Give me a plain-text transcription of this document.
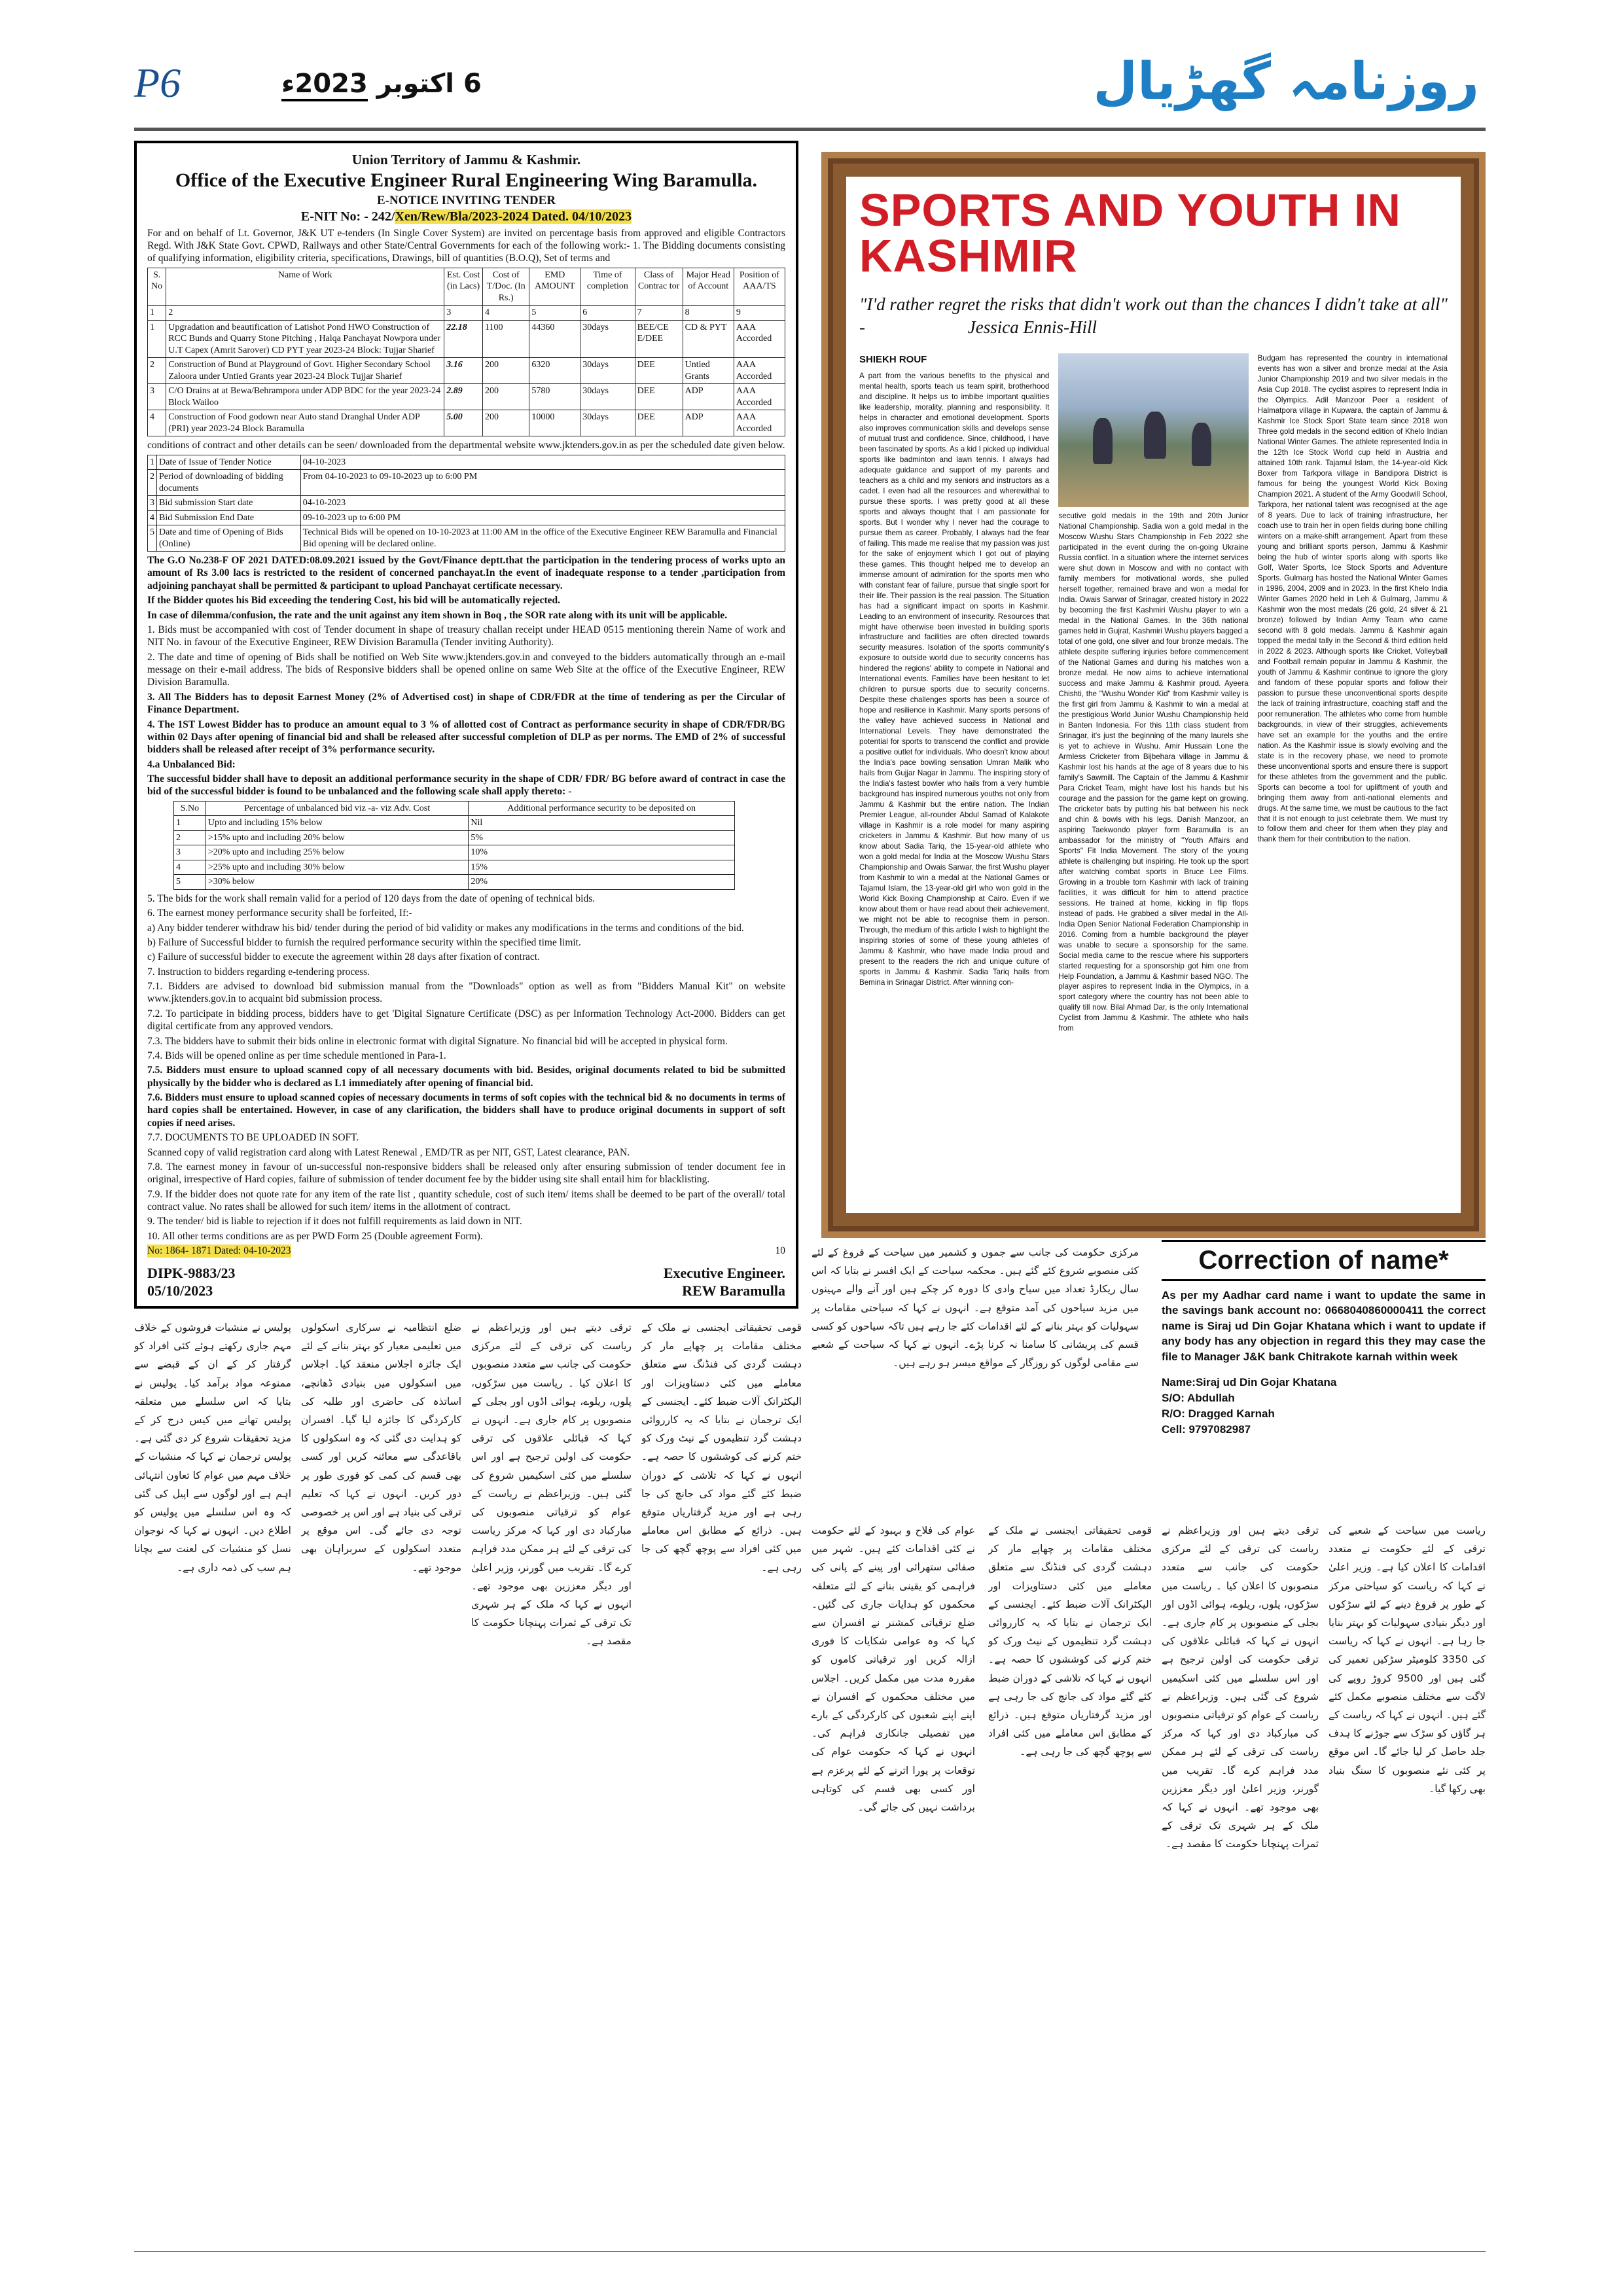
P6	6 اکتوبر 2023ء	روزنامہ گھڑیال
Union Territory of Jammu & Kashmir.
Office of the Executive Engineer Rural Engineering Wing Baramulla.
E-NOTICE INVITING TENDER
E-NIT No: - 242/Xen/Rew/Bla/2023-2024 Dated. 04/10/2023
For and on behalf of Lt. Governor, J&K UT e-tenders (In Single Cover System) are invited on percentage basis from approved and eligible Contractors Regd. With J&K State Govt. CPWD, Railways and other State/Central Governments for each of the following work:- 1. The Bidding documents consisting of qualifying information, eligibility criteria, specifications, Drawings, bill of quantities (B.O.Q), Set of terms and
S. No	Name of Work	Est. Cost (in Lacs)	Cost of T/Doc. (In Rs.)	EMD AMOUNT	Time of completion	Class of Contrac tor	Major Head of Account	Position of AAA/TS
1	2	3	4	5	6	7	8	9
1	Upgradation and beautification of Latishot Pond HWO Construction of RCC Bunds and Quarry Stone Pitching , Halqa Panchayat Nowpora under U.T Capex (Amrit Sarover) CD PYT year 2023-24 Block: Tujjar Sharief	22.18	1100	44360	30days	BEE/CE E/DEE	CD & PYT	AAA Accorded
2	Construction of Bund at Playground of Govt. Higher Secondary School Zaloora under Untied Grants year 2023-24 Block Tujjar Sharief	3.16	200	6320	30days	DEE	Untied Grants	AAA Accorded
3	C/O Drains at at Bewa/Behrampora under ADP BDC for the year 2023-24 Block Wailoo	2.89	200	5780	30days	DEE	ADP	AAA Accorded
4	Construction of Food godown near Auto stand Dranghal Under ADP (PRI) year 2023-24 Block Baramulla	5.00	200	10000	30days	DEE	ADP	AAA Accorded
conditions of contract and other details can be seen/ downloaded from the departmental website www.jktenders.gov.in as per the scheduled date given below.
1	Date of Issue of Tender Notice	04-10-2023
2	Period of downloading of bidding documents	From 04-10-2023 to 09-10-2023 up to 6:00 PM
3	Bid submission Start date	04-10-2023
4	Bid Submission End Date	09-10-2023 up to 6:00 PM
5	Date and time of Opening of Bids (Online)	Technical Bids will be opened on 10-10-2023 at 11:00 AM in the office of the Executive Engineer REW Baramulla and Financial Bid opening will be declared online.
The G.O No.238-F OF 2021 DATED:08.09.2021 issued by the Govt/Finance deptt.that the participation in the tendering process of works upto an amount of Rs 3.00 lacs is restricted to the resident of concerned panchayat.In the event of inadequate response to a tender ,participation from adjoining panchayat shall be permitted & participant to upload Panchayat certificate necessary.
If the Bidder quotes his Bid exceeding the tendering Cost, his bid will be automatically rejected.
In case of dilemma/confusion, the rate and the unit against any item shown in Boq , the SOR rate along with its unit will be applicable.
1. Bids must be accompanied with cost of Tender document in shape of treasury challan receipt under HEAD 0515 mentioning therein Name of work and NIT No. in favour of the Executive Engineer, REW Division Baramulla (Tender inviting Authority).
2. The date and time of opening of Bids shall be notified on Web Site www.jktenders.gov.in and conveyed to the bidders automatically through an e-mail message on their e-mail address. The bids of Responsive bidders shall be opened online on same Web Site at the office of the Executive Engineer, REW Division Baramulla.
3. All The Bidders has to deposit Earnest Money (2% of Advertised cost) in shape of CDR/FDR at the time of tendering as per the Circular of Finance Department.
4. The 1ST Lowest Bidder has to produce an amount equal to 3 % of allotted cost of Contract as performance security in shape of CDR/FDR/BG within 02 Days after opening of financial bid and shall be released after successful completion of DLP as per norms. The EMD of 2% of successful bidders shall be released after receipt of 3% performance security.
4.a Unbalanced Bid:
The successful bidder shall have to deposit an additional performance security in the shape of CDR/ FDR/ BG before award of contract in case the bid of the successful bidder is found to be unbalanced and the following scale shall apply thereto: -
S.No	Percentage of unbalanced bid viz -a- viz Adv. Cost	Additional performance security to be deposited on
1	Upto and including 15% below	Nil
2	>15% upto and including 20% below	5%
3	>20% upto and including 25% below	10%
4	>25% upto and including 30% below	15%
5	>30% below	20%
5. The bids for the work shall remain valid for a period of 120 days from the date of opening of technical bids.
6. The earnest money performance security shall be forfeited, If:-
a) Any bidder tenderer withdraw his bid/ tender during the period of bid validity or makes any modifications in the terms and conditions of the bid.
b) Failure of Successful bidder to furnish the required performance security within the specified time limit.
c) Failure of successful bidder to execute the agreement within 28 days after fixation of contract.
7. Instruction to bidders regarding e-tendering process.
7.1. Bidders are advised to download bid submission manual from the "Downloads" option as well as from "Bidders Manual Kit" on website www.jktenders.gov.in to acquaint bid submission process.
7.2. To participate in bidding process, bidders have to get 'Digital Signature Certificate (DSC) as per Information Technology Act-2000. Bidders can get digital certificate from any approved vendors.
7.3. The bidders have to submit their bids online in electronic format with digital Signature. No financial bid will be accepted in physical form.
7.4. Bids will be opened online as per time schedule mentioned in Para-1.
7.5. Bidders must ensure to upload scanned copy of all necessary documents with bid. Besides, original documents related to bid be submitted physically by the bidder who is declared as L1 immediately after opening of financial bid.
7.6. Bidders must ensure to upload scanned copies of necessary documents in terms of soft copies with the technical bid & no documents in terms of hard copies shall be entertained. However, in case of any clarification, the bidders shall have to produce original documents in support of soft copies if need arises.
7.7. DOCUMENTS TO BE UPLOADED IN SOFT.
Scanned copy of valid registration card along with Latest Renewal , EMD/TR as per NIT, GST, Latest clearance, PAN.
7.8. The earnest money in favour of un-successful non-responsive bidders shall be released only after ensuring submission of tender document fee in original, irrespective of Hard copies, failure of submission of tender document fee by the bidder using site shall entail him for blacklisting.
7.9. If the bidder does not quote rate for any item of the rate list , quantity schedule, cost of such item/ items shall be deemed to be part of the overall/ total contract value. No rates shall be allowed for such item/ items in the allotment of contract.
9. The tender/ bid is liable to rejection if it does not fulfill requirements as laid down in NIT.
10. All other terms conditions are as per PWD Form 25 (Double agreement Form).
No: 1864- 1871 Dated: 04-10-2023	10
DIPK-9883/23
05/10/2023
Executive Engineer.
REW Baramulla
SPORTS AND YOUTH IN KASHMIR
"I'd rather regret the risks that didn't work out than the chances I didn't take at all" -	Jessica Ennis-Hill
SHIEKH ROUF

A part from the various benefits to the physical and mental health, sports teach us team spirit, brotherhood and discipline. It helps us to imbibe important qualities like leadership, morality, planning and responsibility. It helps in character and emotional development. Sports also improves communication skills and develops sense of mutual trust and confidence. Since, childhood, I have been fascinated by sports. As a kid I picked up individual sports like badminton and lawn tennis. I always had adequate guidance and support of my parents and teachers as a child and my seniors and instructors as a cadet. I even had all the resources and wherewithal to pursue these sports. I was pretty good at all these sports and always thought that I am passionate for sports. But I wonder why I never had the courage to pursue them as career. Probably, I always had the fear of failing. This made me realise that my passion was just for the sake of enjoyment which I got out of playing these games. This thought helped me to develop an immense amount of admiration for the sports men who with constant fear of failure, pursue that single sport for their life. Their passion is the real passion. The Situation has had a significant impact on sports in Kashmir. Leading to an environment of insecurity. Resources that might have otherwise been invested in building sports infrastructure and facilities are often directed towards security measures. Isolation of the sports community's exposure to outside world due to security concerns has hindered the regions' ability to compete in National and International events. Families have been hesitant to let children to pursue sports due to security concerns. Despite these challenges sports has been a source of hope and resilience in Kashmir. Many sports persons of the valley have achieved success in National and International Levels. They have demonstrated the potential for sports to transcend the conflict and provide a positive outlet for individuals. Who doesn't know about the India's pace bowling sensation Umran Malik who hails from Gujjar Nagar in Jammu. The inspiring story of the India's fastest bowler who hails from a very humble background has inspired numerous youths not only from Jammu & Kashmir but the entire nation. The Indian Premier League, all-rounder Abdul Samad of Kalakote village in Kashmir is a role model for many aspiring cricketers in Jammu & Kashmir. But how many of us know about Sadia Tariq, the 15-year-old athlete who won a gold medal for India at the Moscow Wushu Stars Championship and Owais Sarwar, the first Wushu player from Kashmir to win a medal at the National Games or Tajamul Islam, the 13-year-old girl who won gold in the World Kick Boxing Championship at Cairo. Even if we know about them or have read about their achievement, we might not be able to recognise them in person. Through, the medium of this article I wish to highlight the inspiring stories of some of these young athletes of Jammu & Kashmir, who have made India proud and present to the readers the rich and unique culture of sports in Jammu & Kashmir. Sadia Tariq hails from Bemina in Srinagar District. After winning con-

secutive gold medals in the 19th and 20th Junior National Championship. Sadia won a gold medal in the Moscow Wushu Stars Championship in Feb 2022 she participated in the event during the on-going Ukraine Russia conflict. In a situation where the internet services were shut down in Moscow and with no contact with family members for motivational words, she pulled herself together, remained brave and won a medal for India. Owais Sarwar of Srinagar, created history in 2022 by becoming the first Kashmiri Wushu player to win a medal in the National Games. In the 36th national games held in Gujrat, Kashmiri Wushu players bagged a total of one gold, one silver and four bronze medals. The athlete despite suffering injuries before commencement of the National Games and during his matches won a bronze medal. He now aims to achieve international success and make Jammu & Kashmir proud. Ayeera Chishti, the "Wushu Wonder Kid" from Kashmir valley is the first girl from Jammu & Kashmir to win a medal at the prestigious World Junior Wushu Championship held in Banten Indonesia. For this 11th class student from Srinagar, it's just the beginning of the many laurels she is yet to achieve in Wushu. Amir Hussain Lone the Armless Cricketer from Bijbehara village in Jammu & Kashmir lost his hands at the age of 8 years due to his family's Sawmill. The Captain of the Jammu & Kashmir Para Cricket Team, might have lost his hands but his courage and the passion for the game kept on growing. The cricketer bats by putting his bat between his neck and chin & bowls with his legs. Danish Manzoor, an aspiring Taekwondo player form Baramulla is an ambassador for the ministry of "Youth Affairs and Sports" Fit India Movement. The story of the young athlete is challenging but inspiring. He took up the sport after watching combat sports in Bruce Lee Films. Growing in a trouble torn Kashmir with lack of training facilities, it was difficult for him to attend practice sessions. He trained at home, kicking in flip flops instead of pads. He grabbed a silver medal in the All-India Open Senior National Federation Championship in 2016. Coming from a humble background the player was unable to secure a sponsorship for the same. Social media came to the rescue where his supporters started requesting for a sponsorship got him one from Help Foundation, a Jammu & Kashmir based NGO. The player aspires to represent India in the Olympics, in a sport category where the country has not been able to qualify till now. Bilal Ahmad Dar, is the only International Cyclist from Jammu & Kashmir. The athlete who hails from

Budgam has represented the country in international events has won a silver and bronze medal at the Asia Junior Championship 2019 and two silver medals in the Asia Cup 2018. The cyclist aspires to represent India in the Olympics. Adil Manzoor Peer a resident of Halmatpora village in Kupwara, the captain of Jammu & Kashmir Ice Stock Sport State team since 2018 won Three gold medals in the second edition of Khelo Indian National Winter Games. The athlete represented India in the 12th Ice Stock World cup held in Austria and attained 10th rank. Tajamul Islam, the 14-year-old Kick Boxer from Tarkpora village in Bandipora District is famous for being the youngest World Kick Boxing Champion 2021. A student of the Army Goodwill School, Tarkpora, her national talent was recognised at the age of 8 years. Due to lack of training infrastructure, her coach use to train her in open fields during bone chilling winters on a make-shift arrangement. Apart from these young and brilliant sports person, Jammu & Kashmir being the hub of winter sports along with sports like Golf, Water Sports, Ice Stock Sports and Adventure Sports. Gulmarg has hosted the National Winter Games in 1996, 2004, 2009 and in 2023. In the first Khelo India Winter Games 2020 held in Leh & Gulmarg, Jammu & Kashmir won the most medals (26 gold, 24 silver & 21 bronze) followed by Indian Army Team who came second with 8 gold medals. Jammu & Kashmir again topped the medal tally in the Second & third edition held in 2022 & 2023. Although sports like Cricket, Volleyball and Football remain popular in Jammu & Kashmir, the youth of Jammu & Kashmir continue to ignore the glory and fandom of these popular sports and follow their passion to pursue these unconventional sports despite the lack of training infrastructure, coaching staff and the poor remuneration. The athletes who come from humble backgrounds, in view of their struggles, achievements have set an example for the youths and the entire nation. As the Kashmir issue is slowly evolving and the state is in the recovery phase, we need to promote these unconventional sports and ensure there is support for these athletes from the government and the public. Sports can become a tool for upliftment of youth and bringing them away from anti-national elements and drugs. At the same time, we must be cautious to the fact that it is not enough to just celebrate them. We must try to follow them and cheer for them when they play and thank them for their contribution to the nation.

Correction of name*
As per my Aadhar card name i want to update the same in the savings bank account no: 0668040860000411 the correct name is Siraj ud Din Gojar Khatana which i want to update if any body has any objection in regard this they may case the file to Manager J&K bank Chitrakote karnah within week
Name:Siraj ud Din Gojar Khatana
S/O: Abdullah
R/O: Dragged Karnah
Cell: 9797082987
مرکزی حکومت کی جانب سے جموں و کشمیر میں سیاحت کے فروغ کے لئے کئی منصوبے شروع کئے گئے ہیں۔ محکمہ سیاحت کے ایک افسر نے بتایا کہ اس سال ریکارڈ تعداد میں سیاح وادی کا دورہ کر چکے ہیں اور آنے والے مہینوں میں مزید سیاحوں کی آمد متوقع ہے۔ انہوں نے کہا کہ سیاحتی مقامات پر سہولیات کو بہتر بنانے کے لئے اقدامات کئے جا رہے ہیں تاکہ سیاحوں کو کسی قسم کی پریشانی کا سامنا نہ کرنا پڑے۔ انہوں نے کہا کہ سیاحت کے شعبے سے مقامی لوگوں کو روزگار کے مواقع میسر ہو رہے ہیں۔
عوام کی فلاح و بہبود کے لئے حکومت نے کئی اقدامات کئے ہیں۔ شہر میں صفائی ستھرائی اور پینے کے پانی کی فراہمی کو یقینی بنانے کے لئے متعلقہ محکموں کو ہدایات جاری کی گئیں۔ ضلع ترقیاتی کمشنر نے افسران سے کہا کہ وہ عوامی شکایات کا فوری ازالہ کریں اور ترقیاتی کاموں کو مقررہ مدت میں مکمل کریں۔ اجلاس میں مختلف محکموں کے افسران نے اپنے اپنے شعبوں کی کارکردگی کے بارے میں تفصیلی جانکاری فراہم کی۔ انہوں نے کہا کہ حکومت عوام کی توقعات پر پورا اترنے کے لئے پرعزم ہے اور کسی بھی قسم کی کوتاہی برداشت نہیں کی جائے گی۔
قومی تحقیقاتی ایجنسی نے ملک کے مختلف مقامات پر چھاپے مار کر دہشت گردی کی فنڈنگ سے متعلق معاملے میں کئی دستاویزات اور الیکٹرانک آلات ضبط کئے۔ ایجنسی کے ایک ترجمان نے بتایا کہ یہ کارروائی دہشت گرد تنظیموں کے نیٹ ورک کو ختم کرنے کی کوششوں کا حصہ ہے۔ انہوں نے کہا کہ تلاشی کے دوران ضبط کئے گئے مواد کی جانچ کی جا رہی ہے اور مزید گرفتاریاں متوقع ہیں۔ ذرائع کے مطابق اس معاملے میں کئی افراد سے پوچھ گچھ کی جا رہی ہے۔
ترقی دیتے ہیں اور وزیراعظم نے ریاست کی ترقی کے لئے مرکزی حکومت کی جانب سے متعدد منصوبوں کا اعلان کیا ۔ ریاست میں سڑکوں، پلوں، ریلوے، ہوائی اڈوں اور بجلی کے منصوبوں پر کام جاری ہے۔ انہوں نے کہا کہ قبائلی علاقوں کی ترقی حکومت کی اولین ترجیح ہے اور اس سلسلے میں کئی اسکیمیں شروع کی گئی ہیں۔ وزیراعظم نے ریاست کے عوام کو ترقیاتی منصوبوں کی مبارکباد دی اور کہا کہ مرکز ریاست کی ترقی کے لئے ہر ممکن مدد فراہم کرے گا۔ تقریب میں گورنر، وزیر اعلیٰ اور دیگر معززین بھی موجود تھے۔ انہوں نے کہا کہ ملک کے ہر شہری تک ترقی کے ثمرات پہنچانا حکومت کا مقصد ہے۔
ریاست میں سیاحت کے شعبے کی ترقی کے لئے حکومت نے متعدد اقدامات کا اعلان کیا ہے۔ وزیر اعلیٰ نے کہا کہ ریاست کو سیاحتی مرکز کے طور پر فروغ دینے کے لئے سڑکوں اور دیگر بنیادی سہولیات کو بہتر بنایا جا رہا ہے۔ انہوں نے کہا کہ ریاست کی 3350 کلومیٹر سڑکیں تعمیر کی گئی ہیں اور 9500 کروڑ روپے کی لاگت سے مختلف منصوبے مکمل کئے گئے ہیں۔ انہوں نے کہا کہ ریاست کے ہر گاؤں کو سڑک سے جوڑنے کا ہدف جلد حاصل کر لیا جائے گا۔ اس موقع پر کئی نئے منصوبوں کا سنگ بنیاد بھی رکھا گیا۔
پولیس نے منشیات فروشوں کے خلاف مہم جاری رکھتے ہوئے کئی افراد کو گرفتار کر کے ان کے قبضے سے ممنوعہ مواد برآمد کیا۔ پولیس نے بتایا کہ اس سلسلے میں متعلقہ پولیس تھانے میں کیس درج کر کے مزید تحقیقات شروع کر دی گئی ہے۔ پولیس ترجمان نے کہا کہ منشیات کے خلاف مہم میں عوام کا تعاون انتہائی اہم ہے اور لوگوں سے اپیل کی گئی کہ وہ اس سلسلے میں پولیس کو اطلاع دیں۔ انہوں نے کہا کہ نوجوان نسل کو منشیات کی لعنت سے بچانا ہم سب کی ذمہ داری ہے۔
ضلع انتظامیہ نے سرکاری اسکولوں میں تعلیمی معیار کو بہتر بنانے کے لئے ایک جائزہ اجلاس منعقد کیا۔ اجلاس میں اسکولوں میں بنیادی ڈھانچے، اساتذہ کی حاضری اور طلبہ کی کارکردگی کا جائزہ لیا گیا۔ افسران کو ہدایت دی گئی کہ وہ اسکولوں کا باقاعدگی سے معائنہ کریں اور کسی بھی قسم کی کمی کو فوری طور پر دور کریں۔ انہوں نے کہا کہ تعلیم ترقی کی بنیاد ہے اور اس پر خصوصی توجہ دی جائے گی۔ اس موقع پر متعدد اسکولوں کے سربراہان بھی موجود تھے۔
ترقی دیتے ہیں اور وزیراعظم نے ریاست کی ترقی کے لئے مرکزی حکومت کی جانب سے متعدد منصوبوں کا اعلان کیا ۔ ریاست میں سڑکوں، پلوں، ریلوے، ہوائی اڈوں اور بجلی کے منصوبوں پر کام جاری ہے۔ انہوں نے کہا کہ قبائلی علاقوں کی ترقی حکومت کی اولین ترجیح ہے اور اس سلسلے میں کئی اسکیمیں شروع کی گئی ہیں۔ وزیراعظم نے ریاست کے عوام کو ترقیاتی منصوبوں کی مبارکباد دی اور کہا کہ مرکز ریاست کی ترقی کے لئے ہر ممکن مدد فراہم کرے گا۔ تقریب میں گورنر، وزیر اعلیٰ اور دیگر معززین بھی موجود تھے۔ انہوں نے کہا کہ ملک کے ہر شہری تک ترقی کے ثمرات پہنچانا حکومت کا مقصد ہے۔
قومی تحقیقاتی ایجنسی نے ملک کے مختلف مقامات پر چھاپے مار کر دہشت گردی کی فنڈنگ سے متعلق معاملے میں کئی دستاویزات اور الیکٹرانک آلات ضبط کئے۔ ایجنسی کے ایک ترجمان نے بتایا کہ یہ کارروائی دہشت گرد تنظیموں کے نیٹ ورک کو ختم کرنے کی کوششوں کا حصہ ہے۔ انہوں نے کہا کہ تلاشی کے دوران ضبط کئے گئے مواد کی جانچ کی جا رہی ہے اور مزید گرفتاریاں متوقع ہیں۔ ذرائع کے مطابق اس معاملے میں کئی افراد سے پوچھ گچھ کی جا رہی ہے۔
